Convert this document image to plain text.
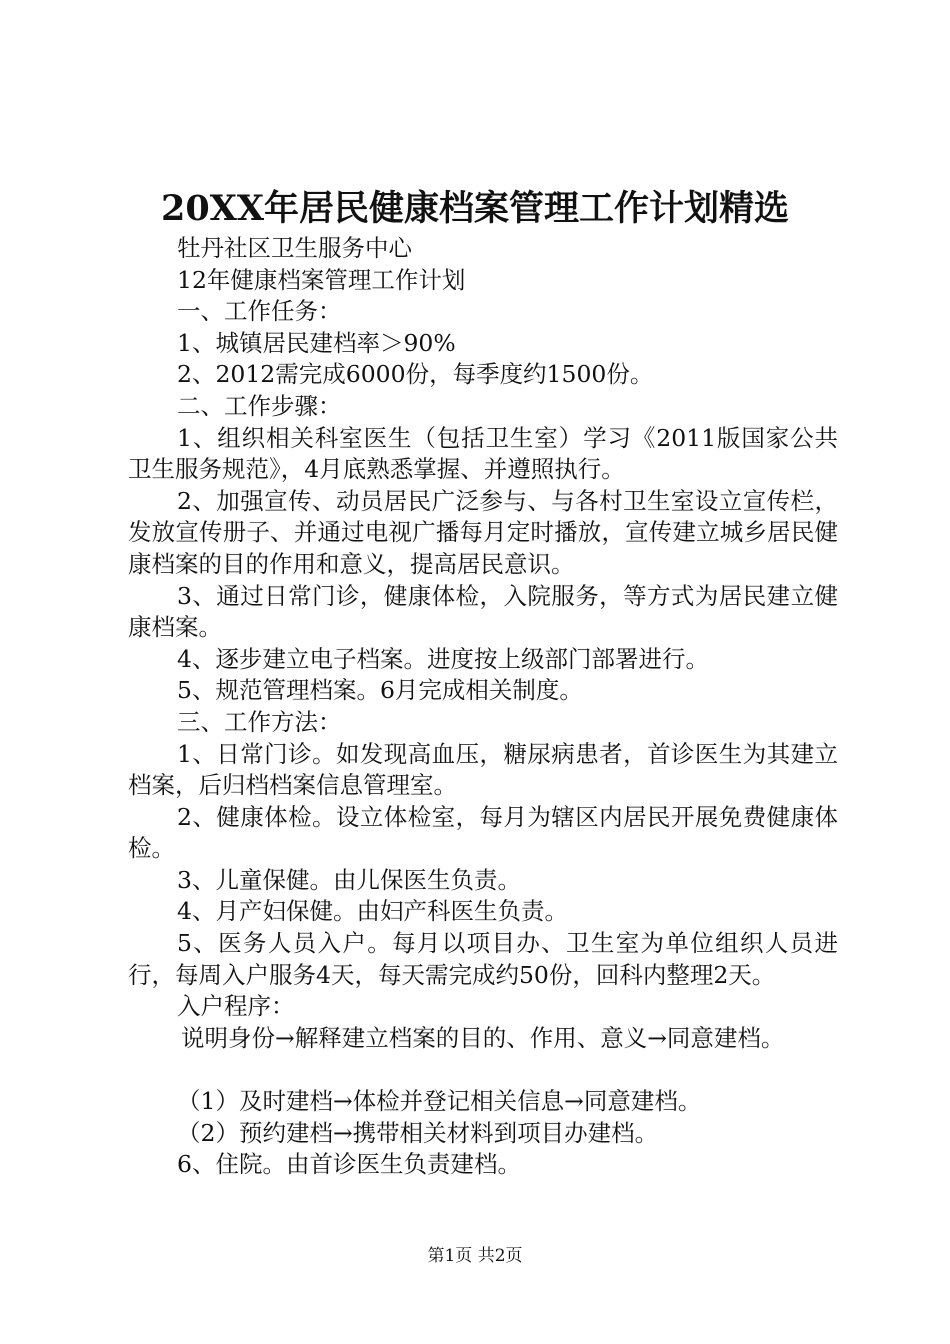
20XX年居民健康档案管理工作计划精选
牡丹社区卫生服务中心
12年健康档案管理工作计划
一、工作任务：
1、城镇居民建档率＞90%
2、2012需完成6000份，每季度约1500份。
二、工作步骤：
1、组织相关科室医生（包括卫生室）学习《2011版国家公共卫生服务规范》，4月底熟悉掌握、并遵照执行。
2、加强宣传、动员居民广泛参与、与各村卫生室设立宣传栏，发放宣传册子、并通过电视广播每月定时播放，宣传建立城乡居民健康档案的目的作用和意义，提高居民意识。
3、通过日常门诊，健康体检，入院服务，等方式为居民建立健康档案。
4、逐步建立电子档案。进度按上级部门部署进行。
5、规范管理档案。6月完成相关制度。
三、工作方法：
1、日常门诊。如发现高血压，糖尿病患者，首诊医生为其建立档案，后归档档案信息管理室。
2、健康体检。设立体检室，每月为辖区内居民开展免费健康体检。
3、儿童保健。由儿保医生负责。
4、月产妇保健。由妇产科医生负责。
5、医务人员入户。每月以项目办、卫生室为单位组织人员进行，每周入户服务4天，每天需完成约50份，回科内整理2天。
入户程序：
说明身份→解释建立档案的目的、作用、意义→同意建档。
（1）及时建档→体检并登记相关信息→同意建档。
（2）预约建档→携带相关材料到项目办建档。
6、住院。由首诊医生负责建档。
第1页 共2页
